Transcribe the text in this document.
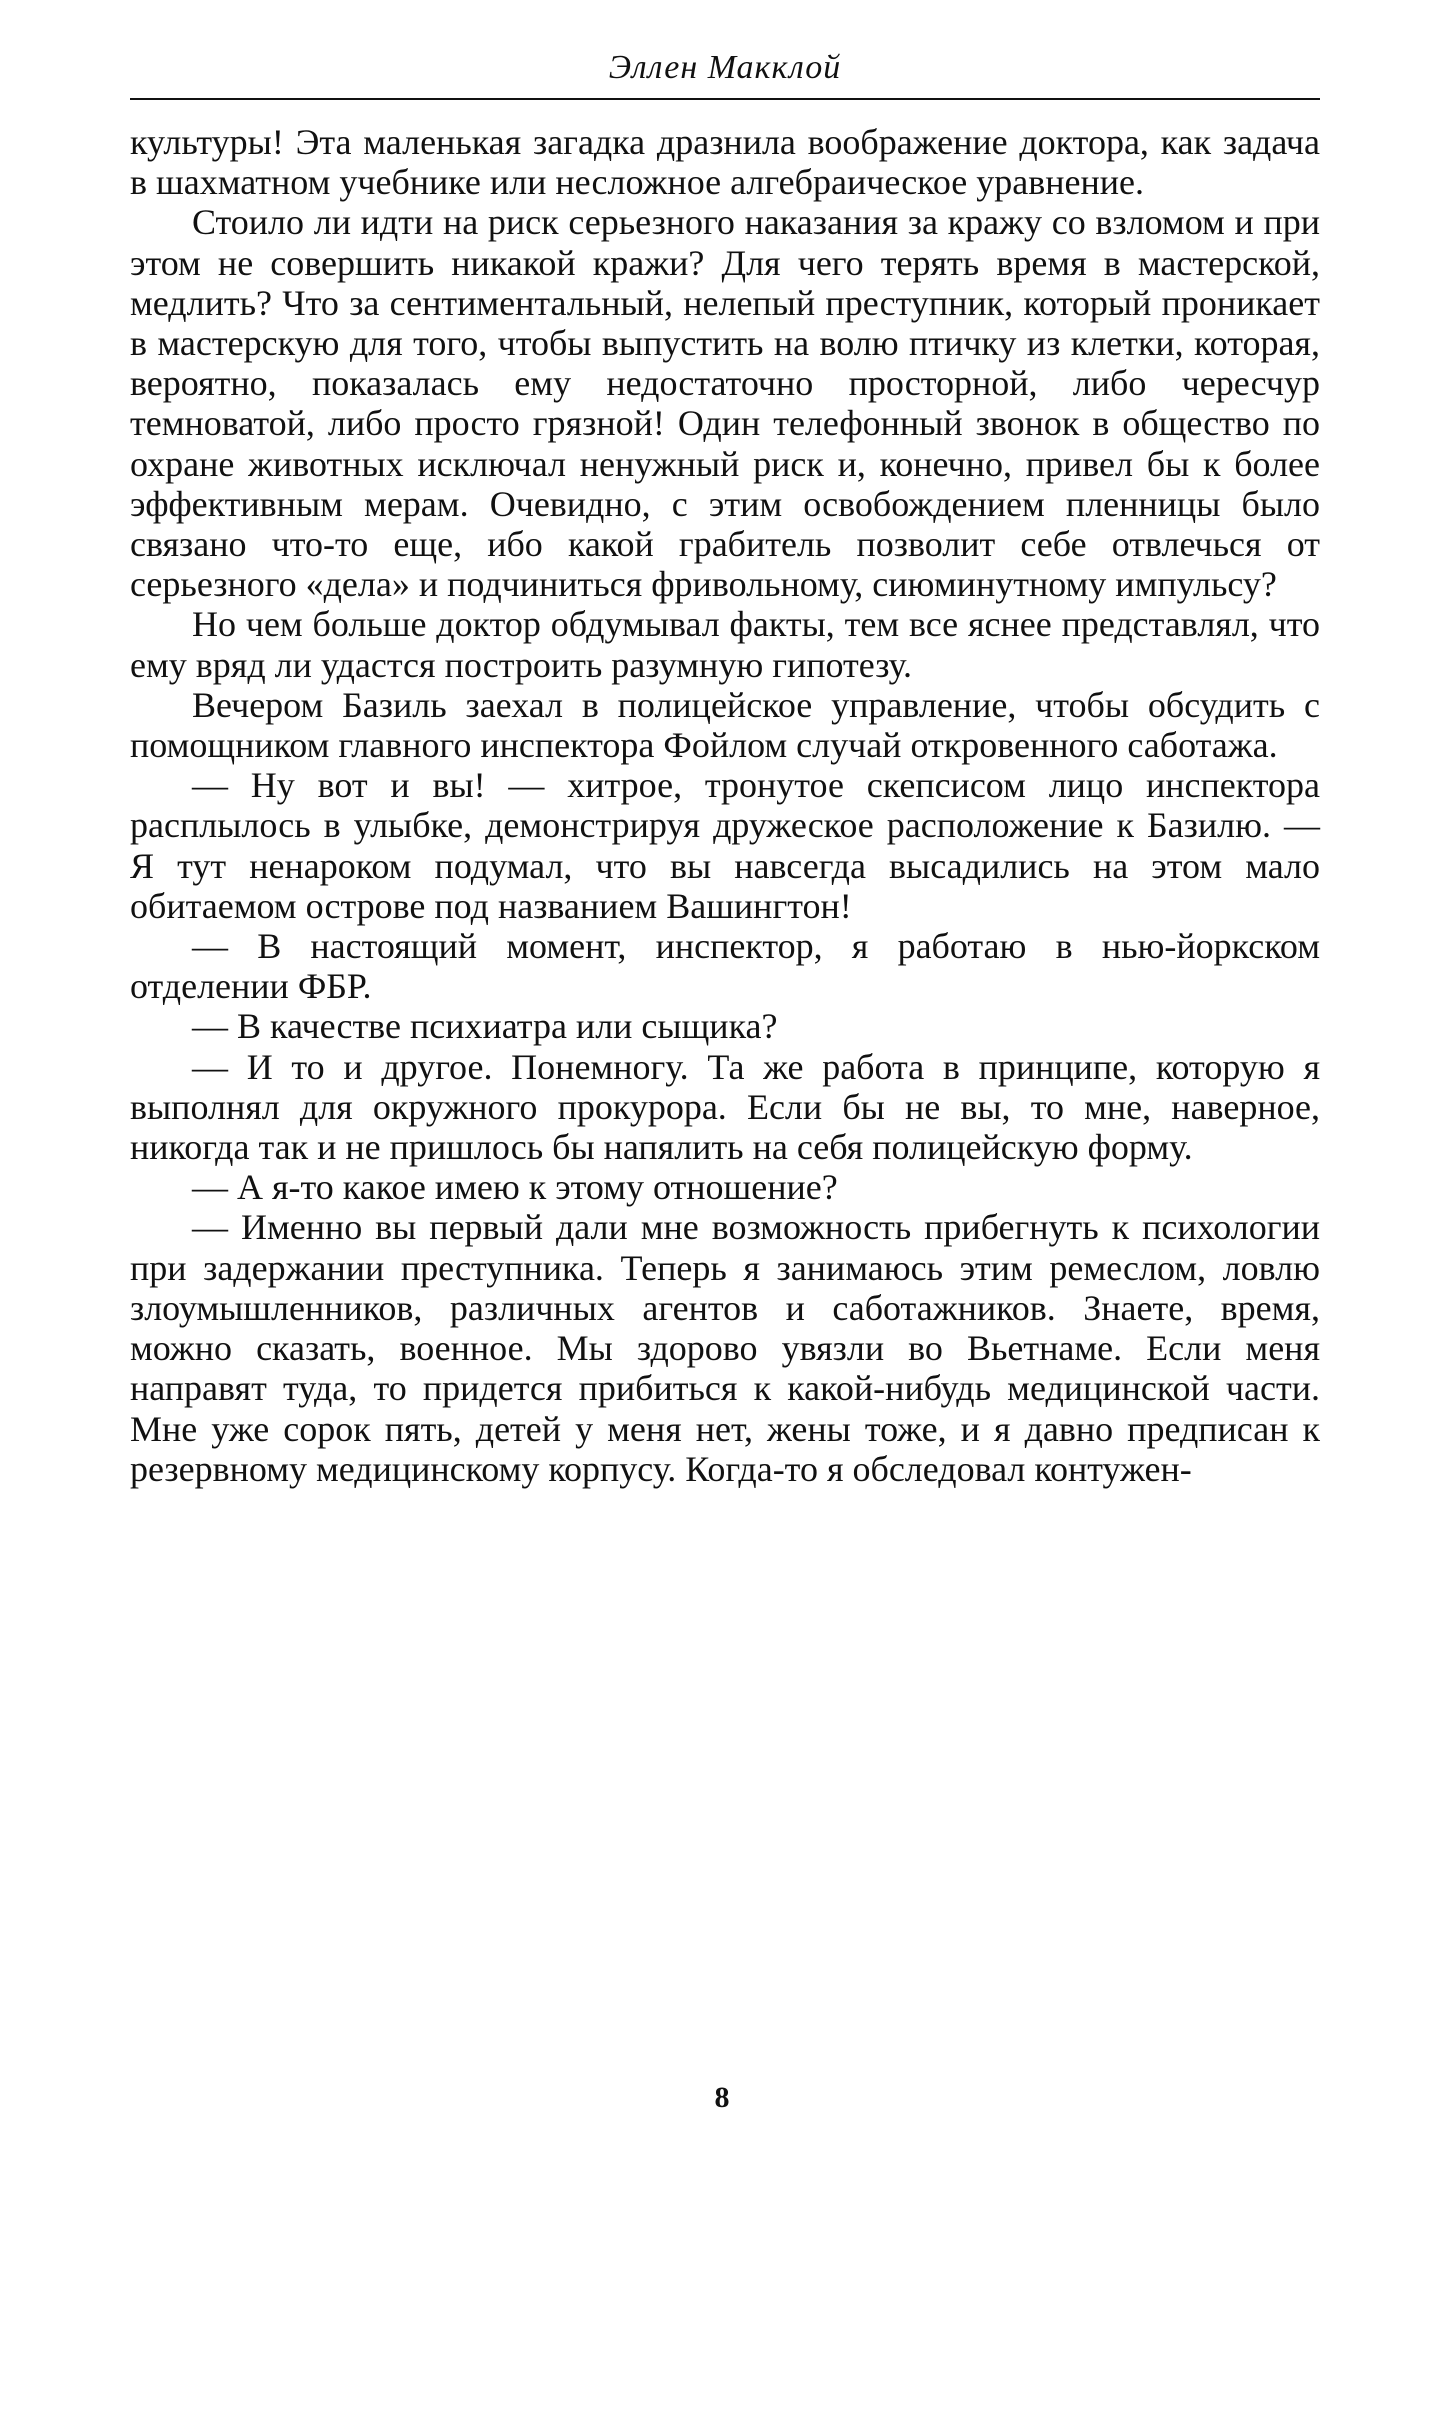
Эллен Макклой

культуры! Эта маленькая загадка дразнила воображение доктора, как задача в шахматном учебнике или несложное алгебраическое уравнение.

Стоило ли идти на риск серьезного наказания за кражу со взломом и при этом не совершить никакой кражи? Для чего терять время в мастерской, медлить? Что за сентиментальный, нелепый преступник, который проникает в мастерскую для того, чтобы выпустить на волю птичку из клетки, которая, вероятно, показалась ему недостаточно просторной, либо чересчур темноватой, либо просто грязной! Один телефонный звонок в общество по охране животных исключал ненужный риск и, конечно, привел бы к более эффективным мерам. Очевидно, с этим освобождением пленницы было связано что-то еще, ибо какой грабитель позволит себе отвлечься от серьезного «дела» и подчиниться фривольному, сиюминутному импульсу?

Но чем больше доктор обдумывал факты, тем все яснее представлял, что ему вряд ли удастся построить разумную гипотезу.

Вечером Базиль заехал в полицейское управление, чтобы обсудить с помощником главного инспектора Фойлом случай откровенного саботажа.

— Ну вот и вы! — хитрое, тронутое скепсисом лицо инспектора расплылось в улыбке, демонстрируя дружеское расположение к Базилю. — Я тут ненароком подумал, что вы навсегда высадились на этом мало обитаемом острове под названием Вашингтон!

— В настоящий момент, инспектор, я работаю в нью-йоркском отделении ФБР.

— В качестве психиатра или сыщика?

— И то и другое. Понемногу. Та же работа в принципе, которую я выполнял для окружного прокурора. Если бы не вы, то мне, наверное, никогда так и не пришлось бы напялить на себя полицейскую форму.

— А я-то какое имею к этому отношение?

— Именно вы первый дали мне возможность прибегнуть к психологии при задержании преступника. Теперь я занимаюсь этим ремеслом, ловлю злоумышленников, различных агентов и саботажников. Знаете, время, можно сказать, военное. Мы здорово увязли во Вьетнаме. Если меня направят туда, то придется прибиться к какой-нибудь медицинской части. Мне уже сорок пять, детей у меня нет, жены тоже, и я давно предписан к резервному медицинскому корпусу. Когда-то я обследовал контужен-

8
